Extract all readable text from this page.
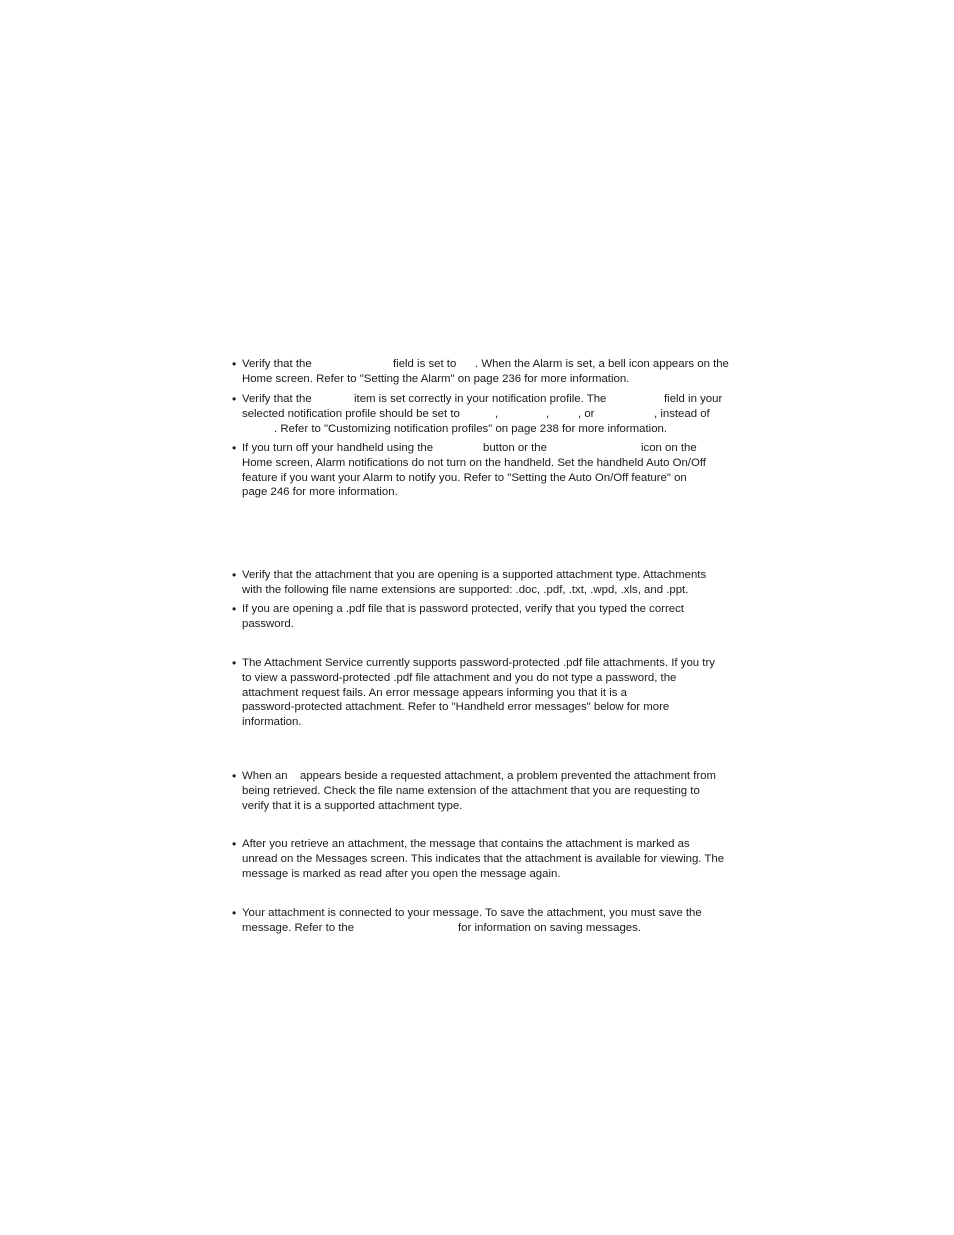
•

Verify that the

	field is set to

. When the Alarm is set, a bell icon appears on the

Home screen. Refer to "Setting the Alarm" on page 236 for more information.

•

Verify that the

	item is set correctly in your notification profile. The

	field in your

selected notification profile should be set to

	,

	,

	, or

	, instead of

. Refer to "Customizing notification profiles" on page 238 for more information.

•

If you turn off your handheld using the

	button or the

	icon on the

Home screen, Alarm notifications do not turn on the handheld. Set the handheld Auto On/Off

feature if you want your Alarm to notify you. Refer to "Setting the Auto On/Off feature" on

page 246 for more information.

•

Verify that the attachment that you are opening is a supported attachment type. Attachments

with the following file name extensions are supported: .doc, .pdf, .txt, .wpd, .xls, and .ppt.

•

If you are opening a .pdf file that is password protected, verify that you typed the correct

password.

•

The Attachment Service currently supports password-protected .pdf file attachments. If you try

to view a password-protected .pdf file attachment and you do not type a password, the

attachment request fails. An error message appears informing you that it is a

password-protected attachment. Refer to "Handheld error messages" below for more

information.

•

When an

appears beside a requested attachment, a problem prevented the attachment from

being retrieved. Check the file name extension of the attachment that you are requesting to

verify that it is a supported attachment type.

•

After you retrieve an attachment, the message that contains the attachment is marked as

unread on the Messages screen. This indicates that the attachment is available for viewing. The

message is marked as read after you open the message again.

•

Your attachment is connected to your message. To save the attachment, you must save the

message. Refer to the

	for information on saving messages.
